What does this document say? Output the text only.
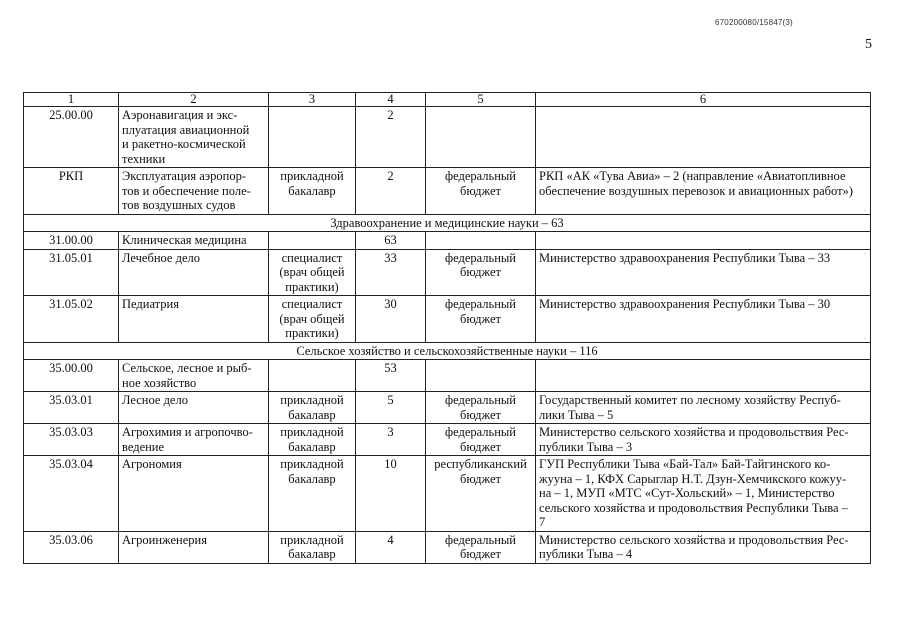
670200080/15847(3)
5
1	2	3	4	5	6
25.00.00	Аэронавигация и экс-
плуатация авиационной
и ракетно-космической
техники		2		
РКП	Эксплуатация аэропор-
тов и обеспечение поле-
тов воздушных судов	прикладной
бакалавр	2	федеральный
бюджет	РКП «АК «Тува Авиа» – 2 (направление «Авиатопливное
обеспечение воздушных перевозок и авиационных работ»)
Здравоохранение и медицинские науки – 63					
31.00.00	Клиническая медицина		63		
31.05.01	Лечебное дело	специалист
(врач общей
практики)	33	федеральный
бюджет	Министерство здравоохранения Республики Тыва – 33
31.05.02	Педиатрия	специалист
(врач общей
практики)	30	федеральный
бюджет	Министерство здравоохранения Республики Тыва – 30
Сельское хозяйство и сельскохозяйственные науки – 116					
35.00.00	Сельское, лесное и рыб-
ное хозяйство		53		
35.03.01	Лесное дело	прикладной
бакалавр	5	федеральный
бюджет	Государственный комитет по лесному хозяйству Респуб-
лики Тыва – 5
35.03.03	Агрохимия и агропочво-
ведение	прикладной
бакалавр	3	федеральный
бюджет	Министерство сельского хозяйства и продовольствия Рес-
публики Тыва – 3
35.03.04	Агрономия	прикладной
бакалавр	10	республиканский
бюджет	ГУП Республики Тыва «Бай-Тал» Бай-Тайгинского ко-
жууна – 1, КФХ Сарыглар Н.Т. Дзун-Хемчикского кожуу-
на – 1, МУП «МТС «Сут-Хольский» – 1, Министерство
сельского хозяйства и продовольствия Республики Тыва –
7
35.03.06	Агроинженерия	прикладной
бакалавр	4	федеральный
бюджет	Министерство сельского хозяйства и продовольствия Рес-
публики Тыва – 4
